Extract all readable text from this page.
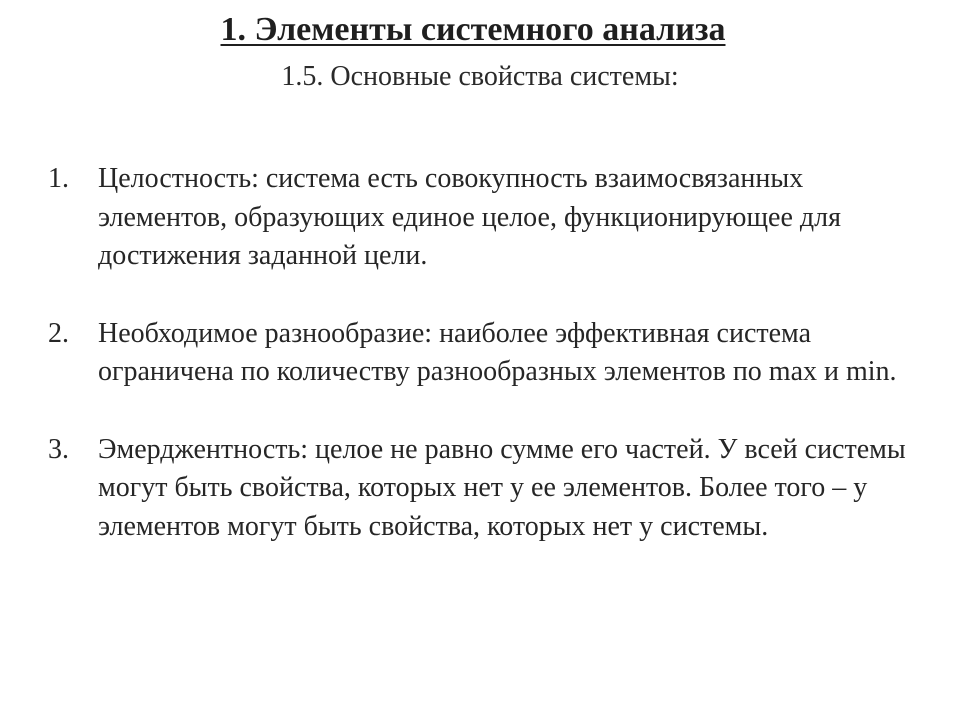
1. Элементы системного анализа

1.5. Основные свойства системы:

1.	Целостность: система есть совокупность взаимосвязанных элементов, образующих единое целое, функционирующее для достижения заданной цели.
2.	Необходимое разнообразие: наиболее эффективная система ограничена по количеству разнообразных элементов по max и min.
3.	Эмерджентность: целое не равно сумме его частей. У всей системы могут быть свойства, которых нет у ее элементов. Более того – у элементов могут быть свойства, которых нет у системы.
